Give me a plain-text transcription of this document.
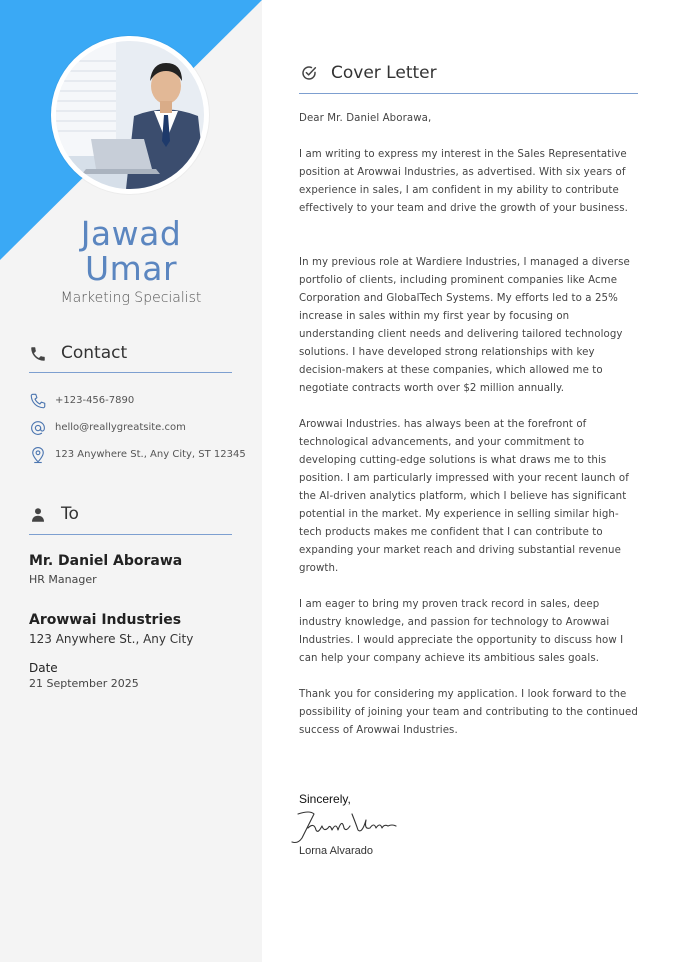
Jawad
Umar
Marketing Specialist
Contact
+123-456-7890
hello@reallygreatsite.com
123 Anywhere St., Any City, ST 12345
To
Mr. Daniel Aborawa
HR Manager
Arowwai Industries
123 Anywhere St., Any City
Date
21 September 2025
Cover Letter
Dear Mr. Daniel Aborawa,
I am writing to express my interest in the Sales Representative position at Arowwai Industries, as advertised. With six years of experience in sales, I am confident in my ability to contribute effectively to your team and drive the growth of your business.
In my previous role at Wardiere Industries, I managed a diverse portfolio of clients, including prominent companies like Acme Corporation and GlobalTech Systems. My efforts led to a 25% increase in sales within my first year by focusing on understanding client needs and delivering tailored technology solutions. I have developed strong relationships with key decision-makers at these companies, which allowed me to negotiate contracts worth over $2 million annually.
Arowwai Industries. has always been at the forefront of technological advancements, and your commitment to developing cutting-edge solutions is what draws me to this position. I am particularly impressed with your recent launch of the AI-driven analytics platform, which I believe has significant potential in the market. My experience in selling similar high-tech products makes me confident that I can contribute to expanding your market reach and driving substantial revenue growth.
I am eager to bring my proven track record in sales, deep industry knowledge, and passion for technology to Arowwai Industries. I would appreciate the opportunity to discuss how I can help your company achieve its ambitious sales goals.
Thank you for considering my application. I look forward to the possibility of joining your team and contributing to the continued success of Arowwai Industries.
Sincerely,
Lorna Alvarado
